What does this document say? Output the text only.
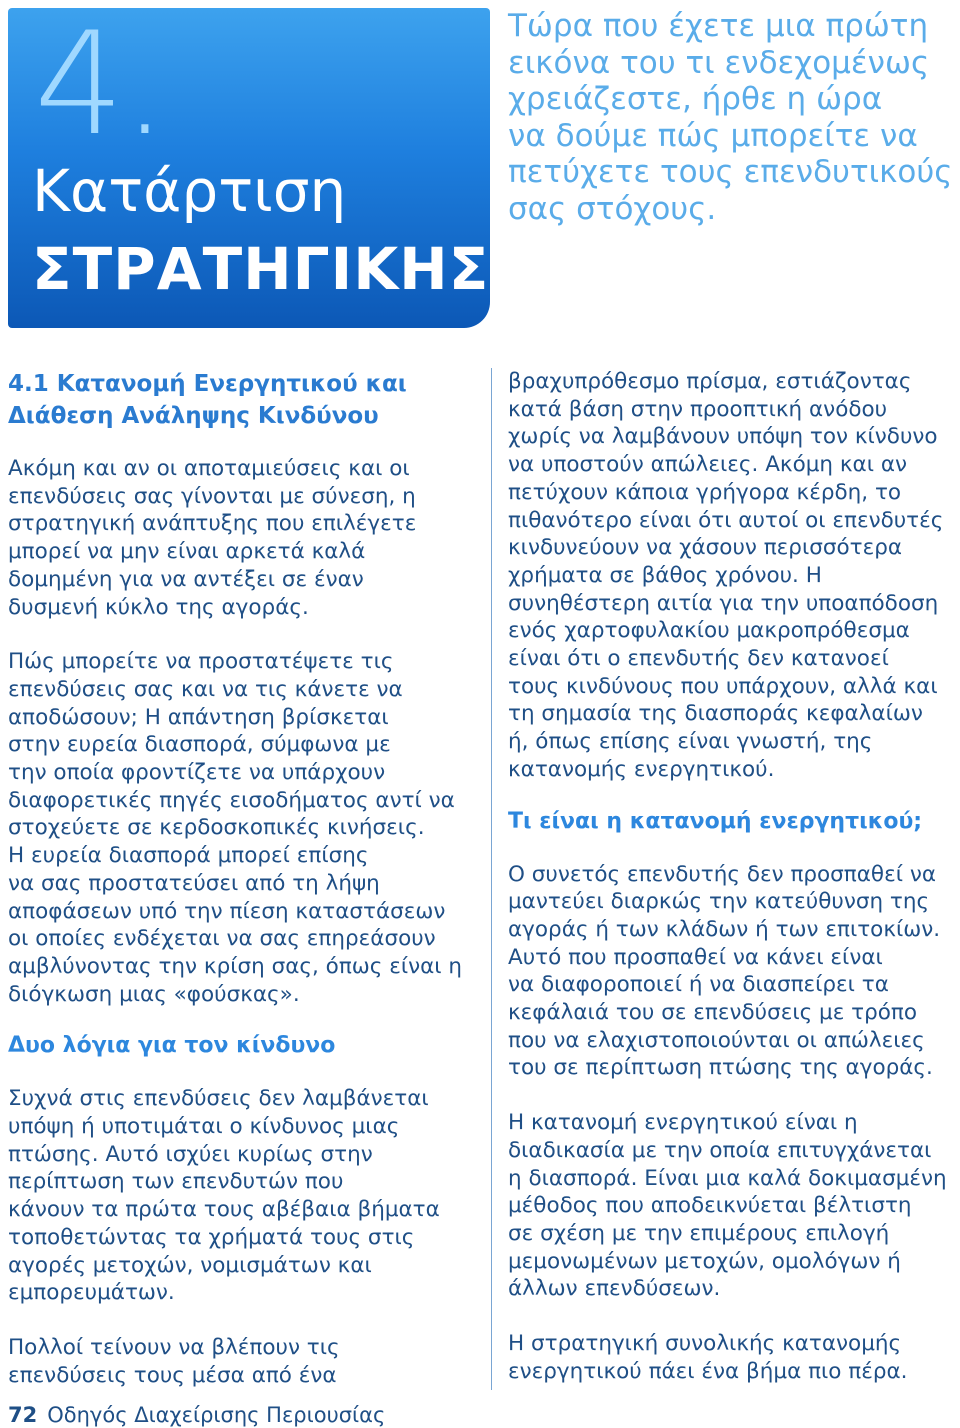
4.
Κατάρτιση
ΣΤΡΑΤΗΓΙΚΗΣ

Τώρα που έχετε μια πρώτη
εικόνα του τι ενδεχομένως
χρειάζεστε, ήρθε η ώρα
να δούμε πώς μπορείτε να
πετύχετε τους επενδυτικούς
σας στόχους.

4.1 Κατανομή Ενεργητικού και
Διάθεση Ανάληψης Κινδύνου

Ακόμη και αν οι αποταμιεύσεις και οι
επενδύσεις σας γίνονται με σύνεση, η
στρατηγική ανάπτυξης που επιλέγετε
μπορεί να μην είναι αρκετά καλά
δομημένη για να αντέξει σε έναν
δυσμενή κύκλο της αγοράς.

Πώς μπορείτε να προστατέψετε τις
επενδύσεις σας και να τις κάνετε να
αποδώσουν; Η απάντηση βρίσκεται
στην ευρεία διασπορά, σύμφωνα με
την οποία φροντίζετε να υπάρχουν
διαφορετικές πηγές εισοδήματος αντί να
στοχεύετε σε κερδοσκοπικές κινήσεις.
Η ευρεία διασπορά μπορεί επίσης
να σας προστατεύσει από τη λήψη
αποφάσεων υπό την πίεση καταστάσεων
οι οποίες ενδέχεται να σας επηρεάσουν
αμβλύνοντας την κρίση σας, όπως είναι η
διόγκωση μιας «φούσκας».

Δυο λόγια για τον κίνδυνο

Συχνά στις επενδύσεις δεν λαμβάνεται
υπόψη ή υποτιμάται ο κίνδυνος μιας
πτώσης. Αυτό ισχύει κυρίως στην
περίπτωση των επενδυτών που
κάνουν τα πρώτα τους αβέβαια βήματα
τοποθετώντας τα χρήματά τους στις
αγορές μετοχών, νομισμάτων και
εμπορευμάτων.

Πολλοί τείνουν να βλέπουν τις
επενδύσεις τους μέσα από ένα

βραχυπρόθεσμο πρίσμα, εστιάζοντας
κατά βάση στην προοπτική ανόδου
χωρίς να λαμβάνουν υπόψη τον κίνδυνο
να υποστούν απώλειες. Ακόμη και αν
πετύχουν κάποια γρήγορα κέρδη, το
πιθανότερο είναι ότι αυτοί οι επενδυτές
κινδυνεύουν να χάσουν περισσότερα
χρήματα σε βάθος χρόνου. Η
συνηθέστερη αιτία για την υποαπόδοση
ενός χαρτοφυλακίου μακροπρόθεσμα
είναι ότι ο επενδυτής δεν κατανοεί
τους κινδύνους που υπάρχουν, αλλά και
τη σημασία της διασποράς κεφαλαίων
ή, όπως επίσης είναι γνωστή, της
κατανομής ενεργητικού.

Τι είναι η κατανομή ενεργητικού;

Ο συνετός επενδυτής δεν προσπαθεί να
μαντεύει διαρκώς την κατεύθυνση της
αγοράς ή των κλάδων ή των επιτοκίων.
Αυτό που προσπαθεί να κάνει είναι
να διαφοροποιεί ή να διασπείρει τα
κεφάλαιά του σε επενδύσεις με τρόπο
που να ελαχιστοποιούνται οι απώλειες
του σε περίπτωση πτώσης της αγοράς.

Η κατανομή ενεργητικού είναι η
διαδικασία με την οποία επιτυγχάνεται
η διασπορά. Είναι μια καλά δοκιμασμένη
μέθοδος που αποδεικνύεται βέλτιστη
σε σχέση με την επιμέρους επιλογή
μεμονωμένων μετοχών, ομολόγων ή
άλλων επενδύσεων.

Η στρατηγική συνολικής κατανομής
ενεργητικού πάει ένα βήμα πιο πέρα.

72 Οδηγός Διαχείρισης Περιουσίας
